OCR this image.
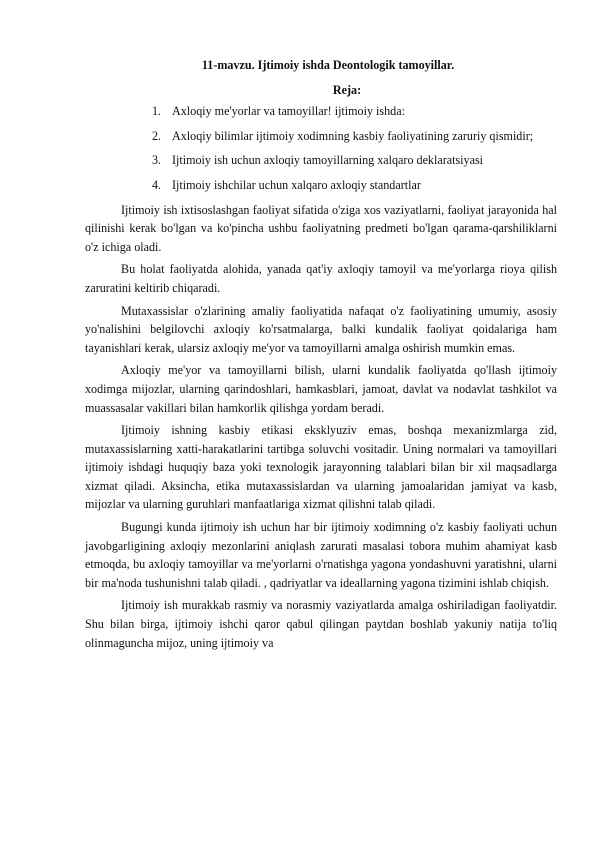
11-mavzu. Ijtimoiy ishda Deontologik tamoyillar.
Reja:
1. Axloqiy me'yorlar va tamoyillar! ijtimoiy ishda:
2. Axloqiy bilimlar ijtimoiy xodimning kasbiy faoliyatining zaruriy qismidir;
3. Ijtimoiy ish uchun axloqiy tamoyillarning xalqaro deklaratsiyasi
4. Ijtimoiy ishchilar uchun xalqaro axloqiy standartlar

Ijtimoiy ish ixtisoslashgan faoliyat sifatida o'ziga xos vaziyatlarni, faoliyat jarayonida hal qilinishi kerak bo'lgan va ko'pincha ushbu faoliyatning predmeti bo'lgan qarama-qarshiliklarni o'z ichiga oladi.

Bu holat faoliyatda alohida, yanada qat'iy axloqiy tamoyil va me'yorlarga rioya qilish zaruratini keltirib chiqaradi.

Mutaxassislar o'zlarining amaliy faoliyatida nafaqat o'z faoliyatining umumiy, asosiy yo'nalishini belgilovchi axloqiy ko'rsatmalarga, balki kundalik faoliyat qoidalariga ham tayanishlari kerak, ularsiz axloqiy me'yor va tamoyillarni amalga oshirish mumkin emas.

Axloqiy me'yor va tamoyillarni bilish, ularni kundalik faoliyatda qo'llash ijtimoiy xodimga mijozlar, ularning qarindoshlari, hamkasblari, jamoat, davlat va nodavlat tashkilot va muassasalar vakillari bilan hamkorlik qilishga yordam beradi.

Ijtimoiy ishning kasbiy etikasi eksklyuziv emas, boshqa mexanizmlarga zid, mutaxassislarning xatti-harakatlarini tartibga soluvchi vositadir. Uning normalari va tamoyillari ijtimoiy ishdagi huquqiy baza yoki texnologik jarayonning talablari bilan bir xil maqsadlarga xizmat qiladi. Aksincha, etika mutaxassislardan va ularning jamoalaridan jamiyat va kasb, mijozlar va ularning guruhlari manfaatlariga xizmat qilishni talab qiladi.

Bugungi kunda ijtimoiy ish uchun har bir ijtimoiy xodimning o'z kasbiy faoliyati uchun javobgarligining axloqiy mezonlarini aniqlash zarurati masalasi tobora muhim ahamiyat kasb etmoqda, bu axloqiy tamoyillar va me'yorlarni o'rnatishga yagona yondashuvni yaratishni, ularni bir ma'noda tushunishni talab qiladi. , qadriyatlar va ideallarning yagona tizimini ishlab chiqish.

Ijtimoiy ish murakkab rasmiy va norasmiy vaziyatlarda amalga oshiriladigan faoliyatdir. Shu bilan birga, ijtimoiy ishchi qaror qabul qilingan paytdan boshlab yakuniy natija to'liq olinmaguncha mijoz, uning ijtimoiy va
